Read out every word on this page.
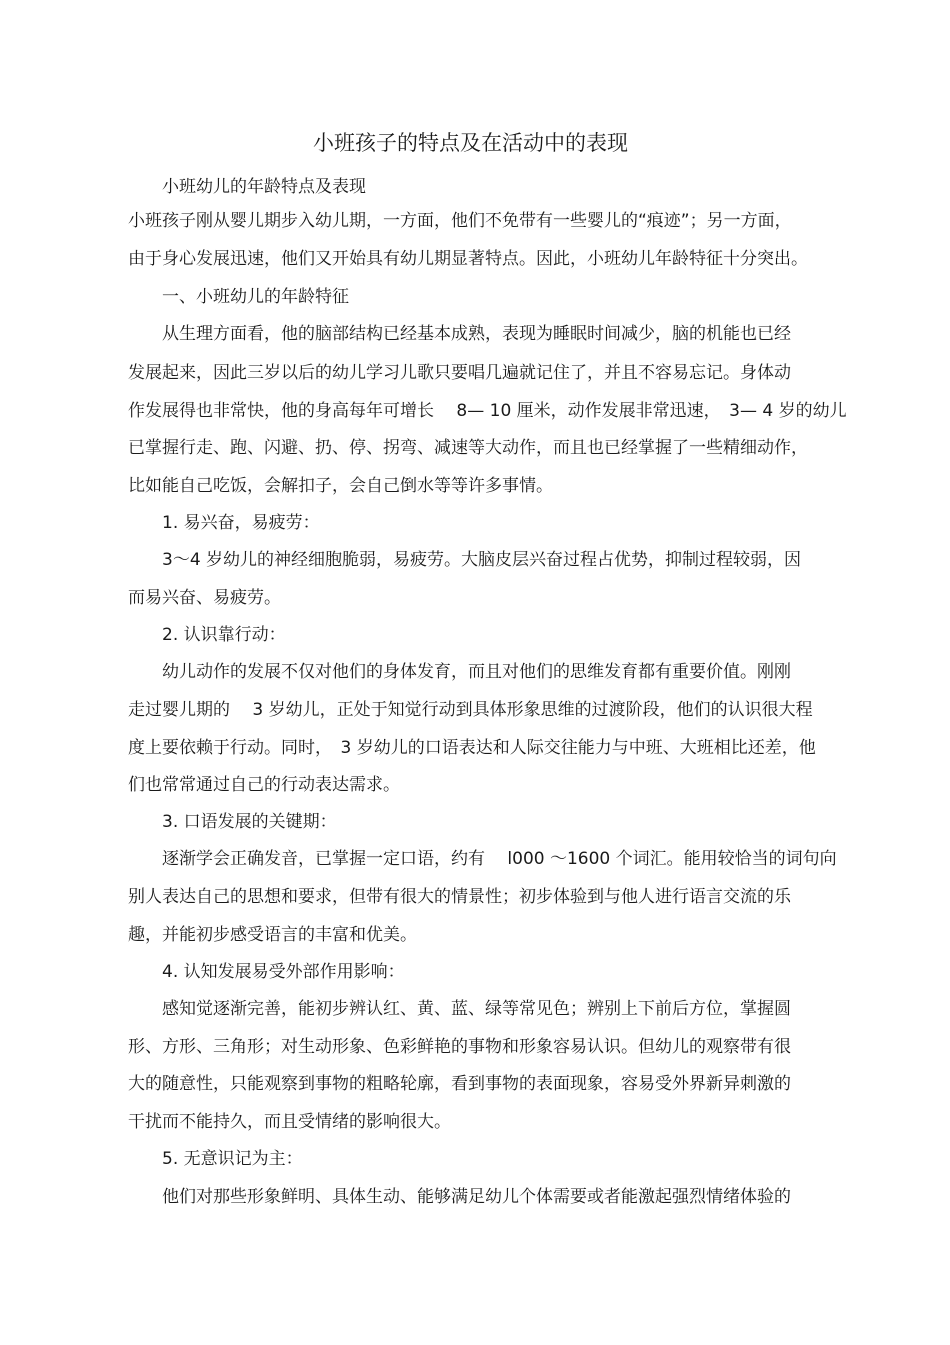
小班孩子的特点及在活动中的表现
小班幼儿的年龄特点及表现
小班孩子刚从婴儿期步入幼儿期，一方面，他们不免带有一些婴儿的“痕迹”；另一方面，
由于身心发展迅速，他们又开始具有幼儿期显著特点。因此，小班幼儿年龄特征十分突出。
一、小班幼儿的年龄特征
从生理方面看，他的脑部结构已经基本成熟，表现为睡眠时间减少，脑的机能也已经
发展起来，因此三岁以后的幼儿学习儿歌只要唱几遍就记住了，并且不容易忘记。身体动
作发展得也非常快，他的身高每年可增长　 8— 10 厘米，动作发展非常迅速，　3— 4 岁的幼儿
已掌握行走、跑、闪避、扔、停、拐弯、减速等大动作，而且也已经掌握了一些精细动作，
比如能自己吃饭，会解扣子，会自己倒水等等许多事情。
1. 易兴奋，易疲劳：
3～4 岁幼儿的神经细胞脆弱，易疲劳。大脑皮层兴奋过程占优势，抑制过程较弱，因
而易兴奋、易疲劳。
2. 认识靠行动：
幼儿动作的发展不仅对他们的身体发育，而且对他们的思维发育都有重要价值。刚刚
走过婴儿期的　 3 岁幼儿，正处于知觉行动到具体形象思维的过渡阶段，他们的认识很大程
度上要依赖于行动。同时，　3 岁幼儿的口语表达和人际交往能力与中班、大班相比还差，他
们也常常通过自己的行动表达需求。
3. 口语发展的关键期：
逐渐学会正确发音，已掌握一定口语，约有　 l000 ～1600 个词汇。能用较恰当的词句向
别人表达自己的思想和要求，但带有很大的情景性；初步体验到与他人进行语言交流的乐
趣，并能初步感受语言的丰富和优美。
4. 认知发展易受外部作用影响：
感知觉逐渐完善，能初步辨认红、黄、蓝、绿等常见色；辨别上下前后方位，掌握圆
形、方形、三角形；对生动形象、色彩鲜艳的事物和形象容易认识。但幼儿的观察带有很
大的随意性，只能观察到事物的粗略轮廓，看到事物的表面现象，容易受外界新异刺激的
干扰而不能持久，而且受情绪的影响很大。
5. 无意识记为主：
他们对那些形象鲜明、具体生动、能够满足幼儿个体需要或者能激起强烈情绪体验的
